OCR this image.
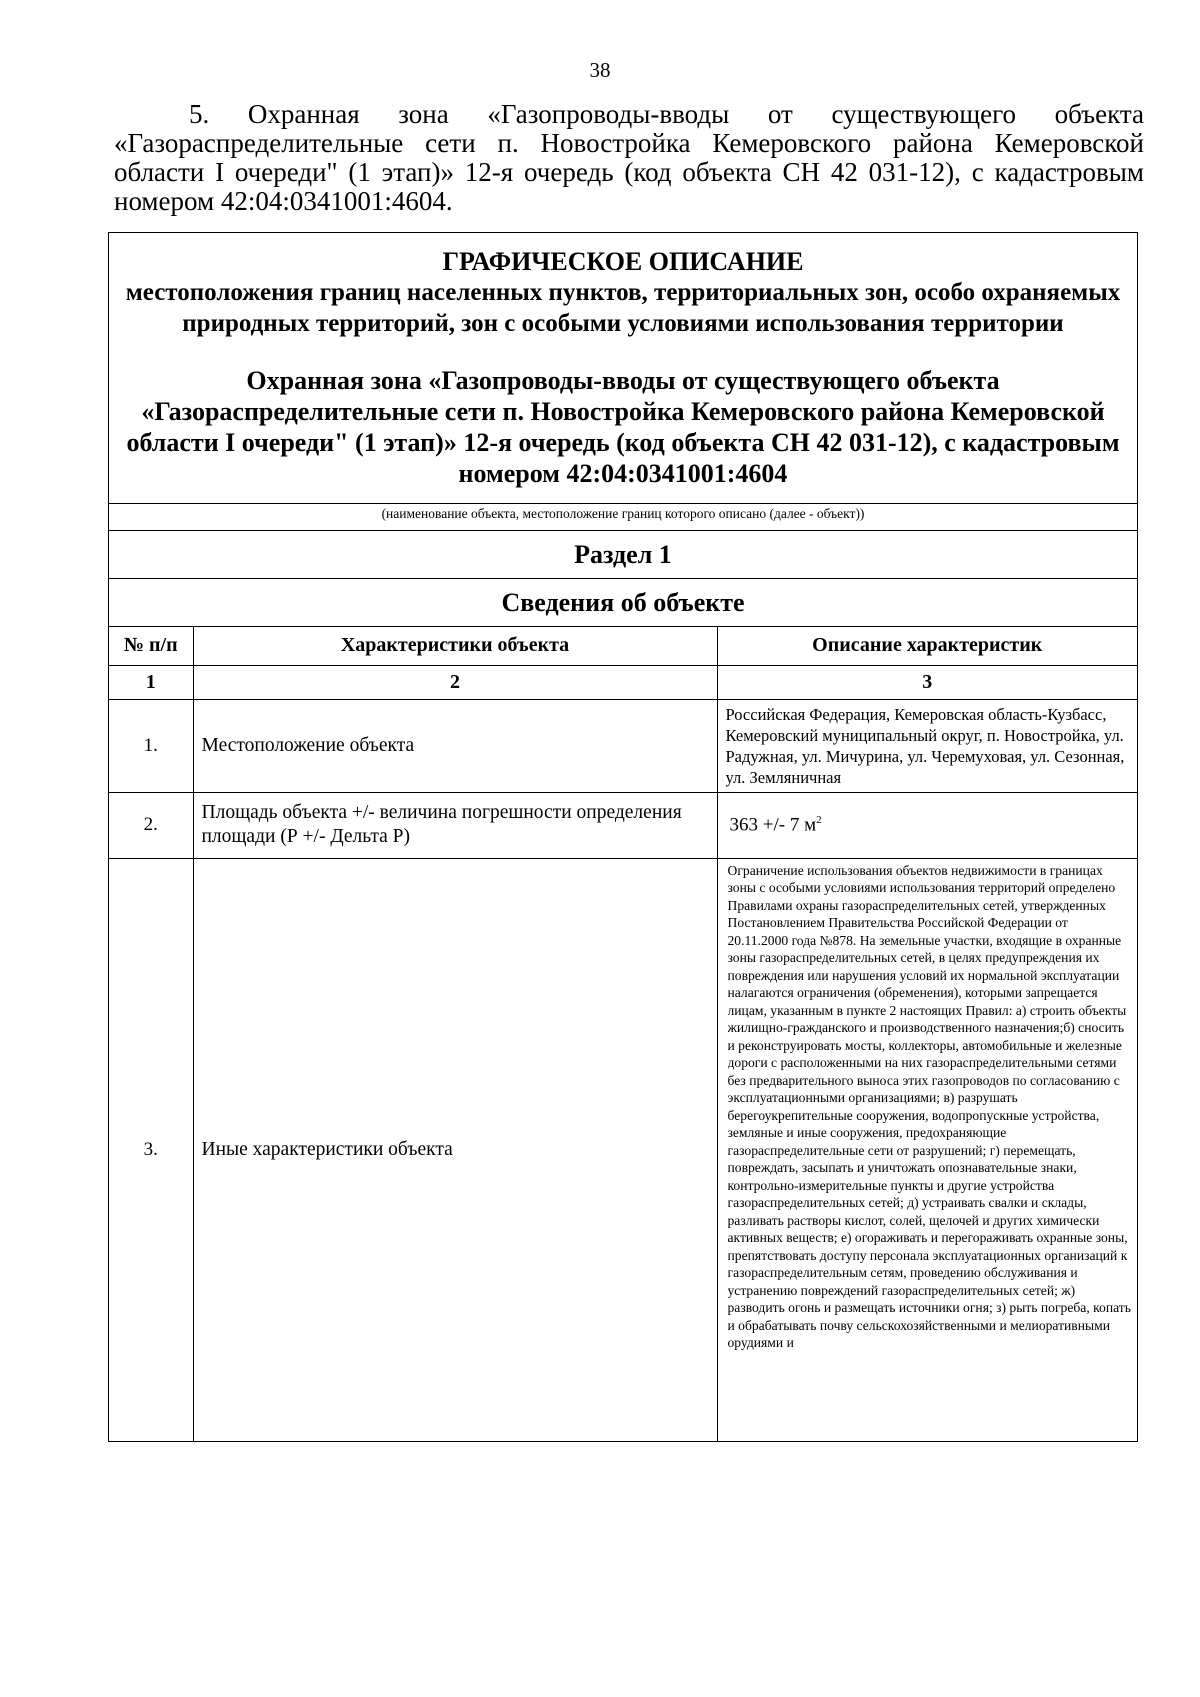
38
5. Охранная зона «Газопроводы-вводы от существующего объекта «Газораспределительные сети п. Новостройка Кемеровского района Кемеровской области I очереди" (1 этап)» 12-я очередь (код объекта СН 42 031-12), с кадастровым номером 42:04:0341001:4604.
ГРАФИЧЕСКОЕ ОПИСАНИЕ
местоположения границ населенных пунктов, территориальных зон, особо охраняемых природных территорий, зон с особыми условиями использования территории
Охранная зона «Газопроводы-вводы от существующего объекта «Газораспределительные сети п. Новостройка Кемеровского района Кемеровской области I очереди" (1 этап)» 12-я очередь (код объекта СН 42 031-12), с кадастровым номером 42:04:0341001:4604
(наименование объекта, местоположение границ которого описано (далее - объект))
Раздел 1
Сведения об объекте
№ п/п	Характеристики объекта	Описание характеристик
1	2	3
1.	Местоположение объекта	Российская Федерация, Кемеровская область-Кузбасс, Кемеровский муниципальный округ, п. Новостройка, ул. Радужная, ул. Мичурина, ул. Черемуховая, ул. Сезонная, ул. Земляничная
2.	Площадь объекта +/- величина погрешности определения площади (Р +/- Дельта Р)	363 +/- 7 $м^2$
3.	Иные характеристики объекта	Ограничение использования объектов недвижимости в границах зоны с особыми условиями использования территорий определено Правилами охраны газораспределительных сетей, утвержденных Постановлением Правительства Российской Федерации от 20.11.2000 года №878. На земельные участки, входящие в охранные зоны газораспределительных сетей, в целях предупреждения их повреждения или нарушения условий их нормальной эксплуатации налагаются ограничения (обременения), которыми запрещается лицам, указанным в пункте 2 настоящих Правил: а) строить объекты жилищно-гражданского и производственного назначения;б) сносить и реконструировать мосты, коллекторы, автомобильные и железные дороги с расположенными на них газораспределительными сетями без предварительного выноса этих газопроводов по согласованию с эксплуатационными организациями; в) разрушать берегоукрепительные сооружения, водопропускные устройства, земляные и иные сооружения, предохраняющие газораспределительные сети от разрушений; г) перемещать, повреждать, засыпать и уничтожать опознавательные знаки, контрольно-измерительные пункты и другие устройства газораспределительных сетей; д) устраивать свалки и склады, разливать растворы кислот, солей, щелочей и других химически активных веществ; е) огораживать и перегораживать охранные зоны, препятствовать доступу персонала эксплуатационных организаций к газораспределительным сетям, проведению обслуживания и устранению повреждений газораспределительных сетей; ж) разводить огонь и размещать источники огня; з) рыть погреба, копать и обрабатывать почву сельскохозяйственными и мелиоративными орудиями и
